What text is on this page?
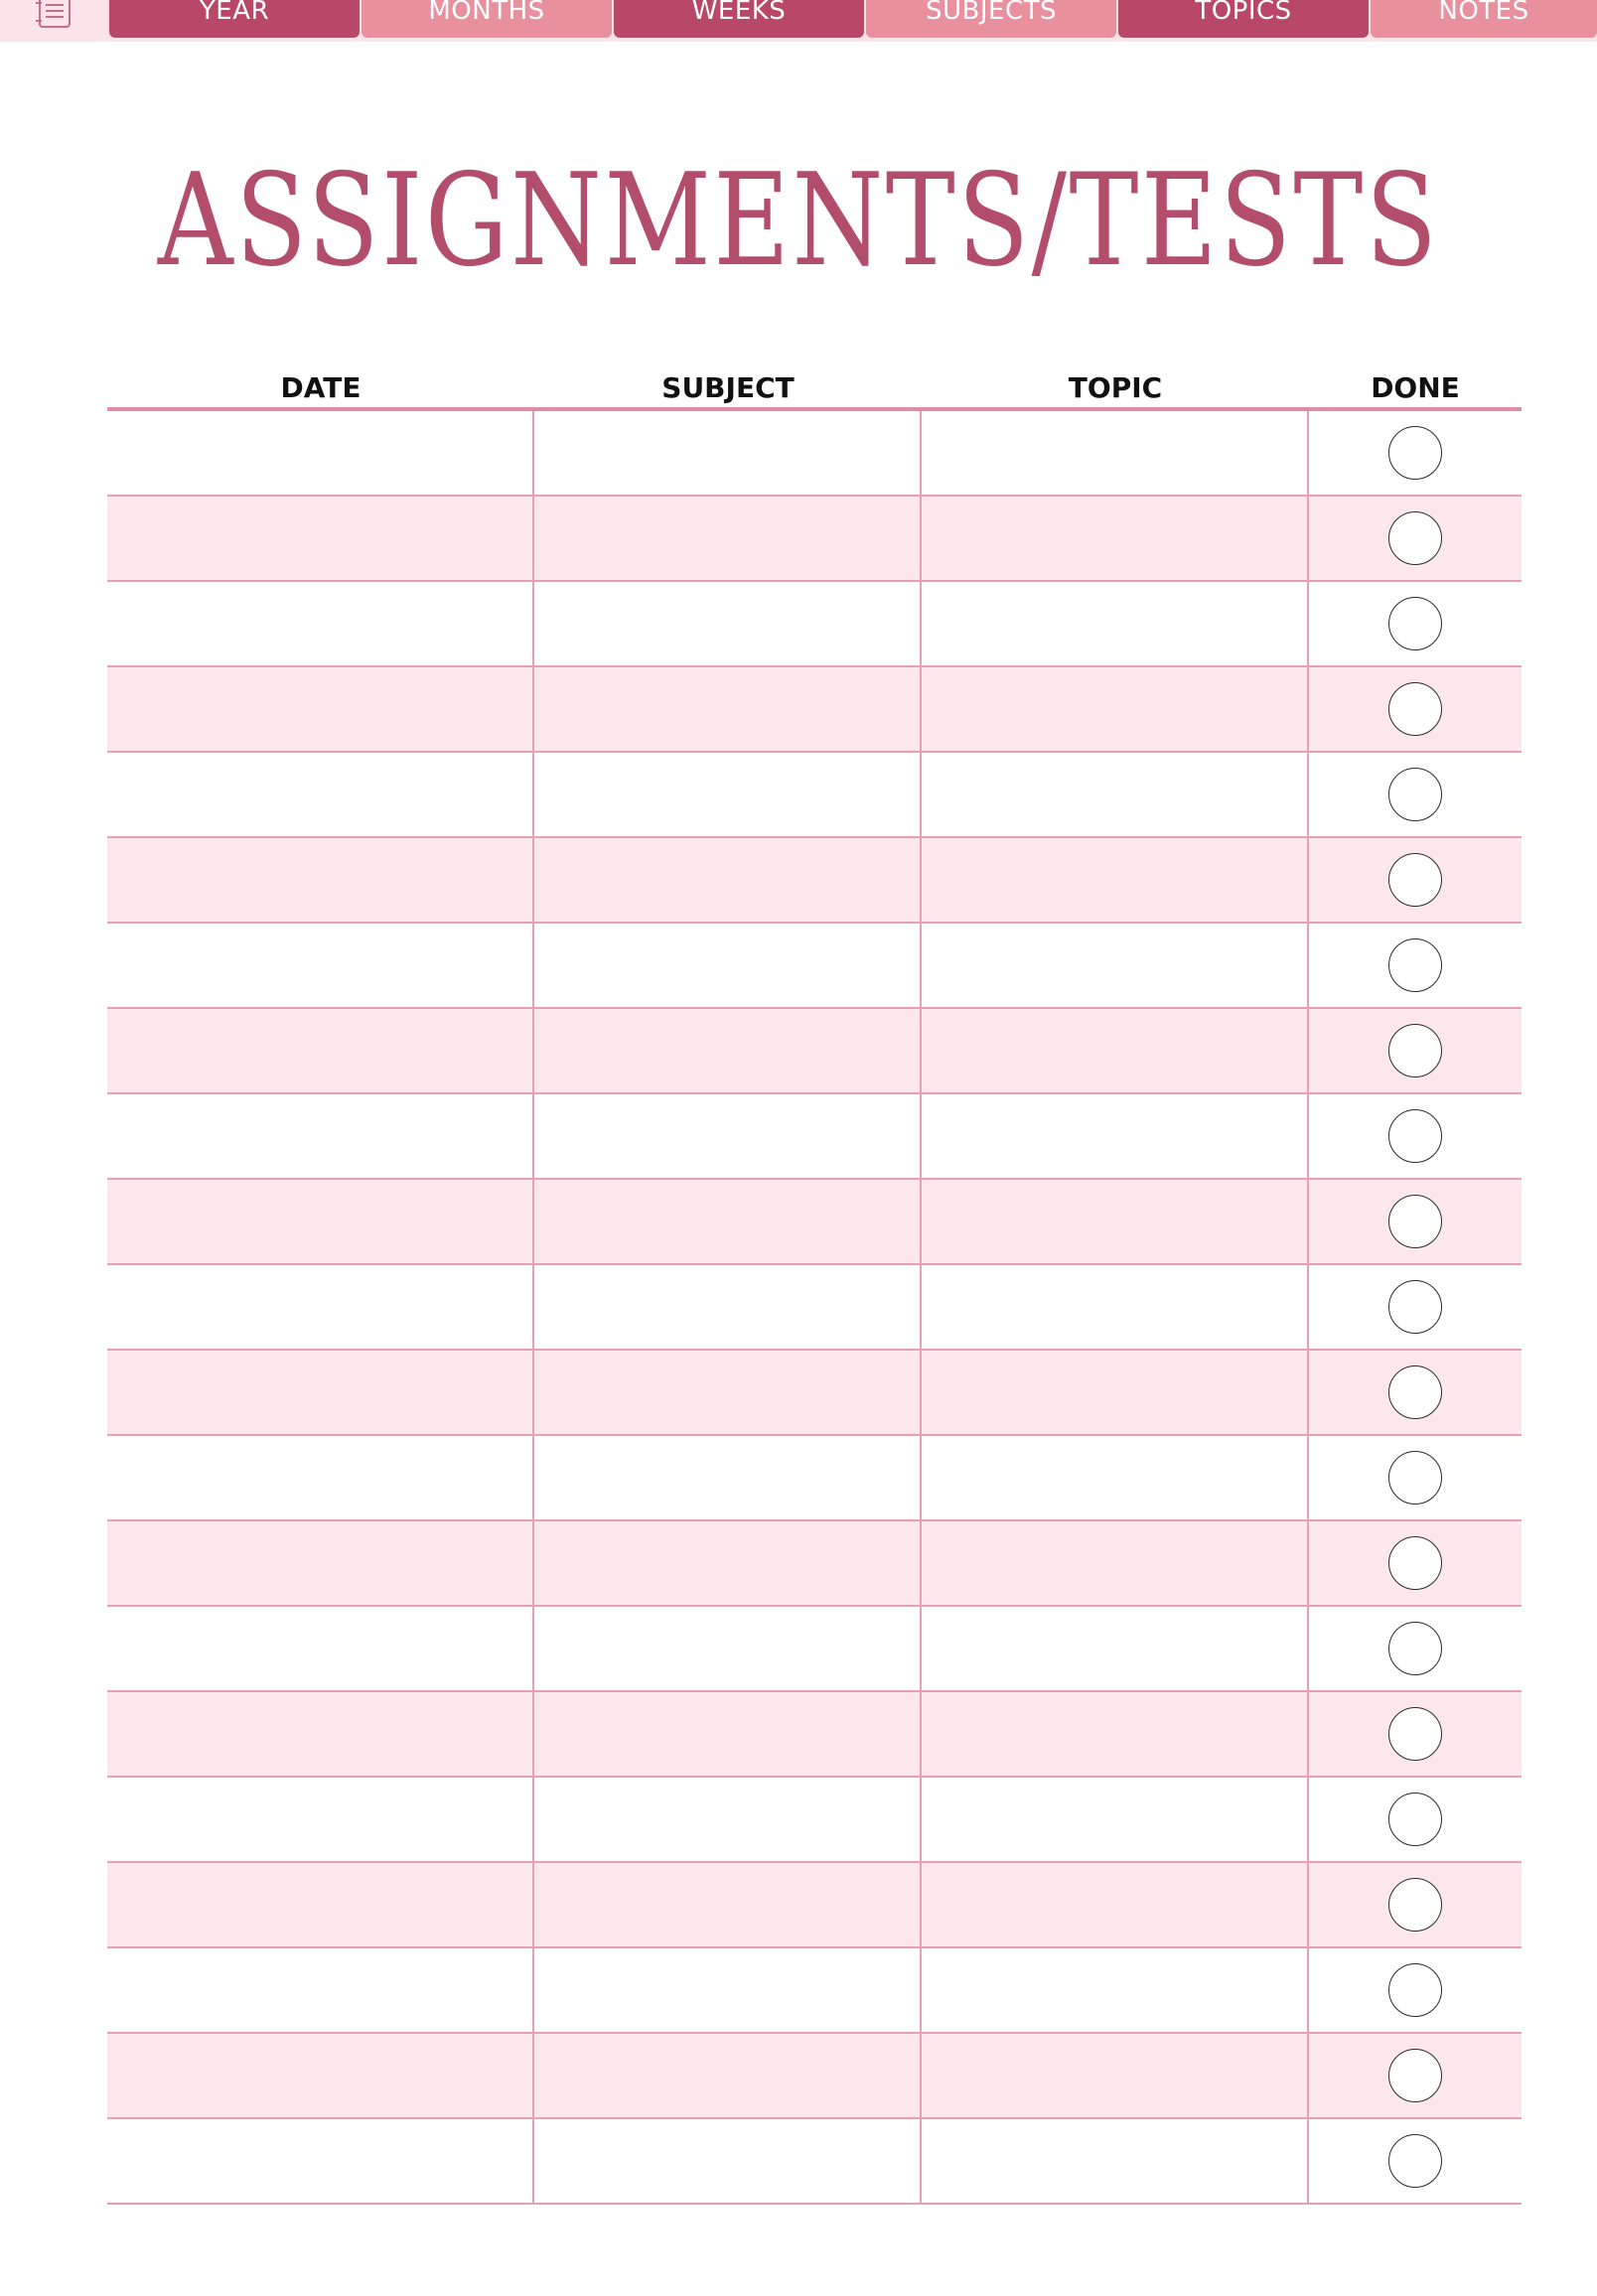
YEAR	MONTHS	WEEKS	SUBJECTS	TOPICS	NOTES
ASSIGNMENTS/TESTS
DATE	SUBJECT	TOPIC	DONE
